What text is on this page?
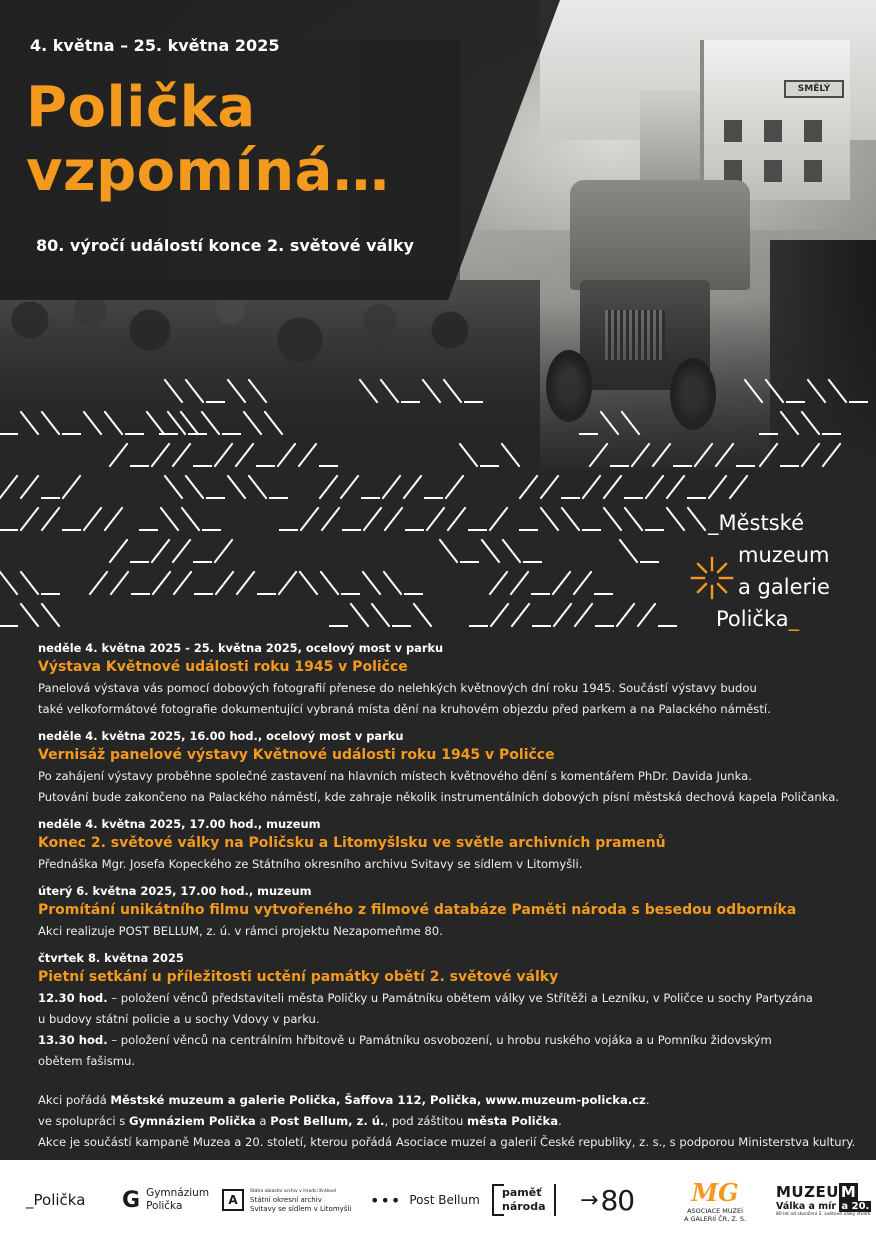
SMĚLÝ
4. května – 25. května 2025
Polička
vzpomíná…
80. výročí událostí konce 2. světové války
_Městské
muzeum
a galerie
Polička_
neděle 4. května 2025 - 25. května 2025, ocelový most v parku
Výstava Květnové události roku 1945 v Poličce
Panelová výstava vás pomocí dobových fotografií přenese do nelehkých květnových dní roku 1945. Součástí výstavy budou
také velkoformátové fotografie dokumentující vybraná místa dění na kruhovém objezdu před parkem a na Palackého náměstí.
neděle 4. května 2025, 16.00 hod., ocelový most v parku
Vernisáž panelové výstavy Květnové události roku 1945 v Poličce
Po zahájení výstavy proběhne společné zastavení na hlavních místech květnového dění s komentářem PhDr. Davida Junka.
Putování bude zakončeno na Palackého náměstí, kde zahraje několik instrumentálních dobových písní městská dechová kapela Poličanka.
neděle 4. května 2025, 17.00 hod., muzeum
Konec 2. světové války na Poličsku a Litomyšlsku ve světle archivních pramenů
Přednáška Mgr. Josefa Kopeckého ze Státního okresního archivu Svitavy se sídlem v Litomyšli.
úterý 6. května 2025, 17.00 hod., muzeum
Promítání unikátního filmu vytvořeného z filmové databáze Paměti národa s besedou odborníka
Akci realizuje POST BELLUM, z. ú. v rámci projektu Nezapomeňme 80.
čtvrtek 8. května 2025
Pietní setkání u příležitosti uctění památky obětí 2. světové války
12.30 hod. – položení věnců představiteli města Poličky u Památníku obětem války ve Střítěži a Lezníku, v Poličce u sochy Partyzána
u budovy státní policie a u sochy Vdovy v parku.
13.30 hod. – položení věnců na centrálním hřbitově u Památníku osvobození, u hrobu ruského vojáka a u Pomníku židovským
obětem fašismu.
Akci pořádá Městské muzeum a galerie Polička, Šaffova 112, Polička, www.muzeum-policka.cz.
ve spolupráci s Gymnáziem Polička a Post Bellum, z. ú., pod záštitou města Polička.
Akce je součástí kampaně Muzea a 20. století, kterou pořádá Asociace muzeí a galerií České republiky, z. s., s podporou Ministerstva kultury.
_Polička G Gymnázium
Polička	A
Státní oblastní archiv v Hradci Králové
Státní okresní archiv
Svitavy se sídlem v Litomyšli ••• Post Bellum
paměť
národa → 80 MG
ASOCIACE MUZEÍ
A GALERIÍ ČR, Z. S.
MUZEU M
Válka a mír a 20.
80 let od skončení 2. světové války století
